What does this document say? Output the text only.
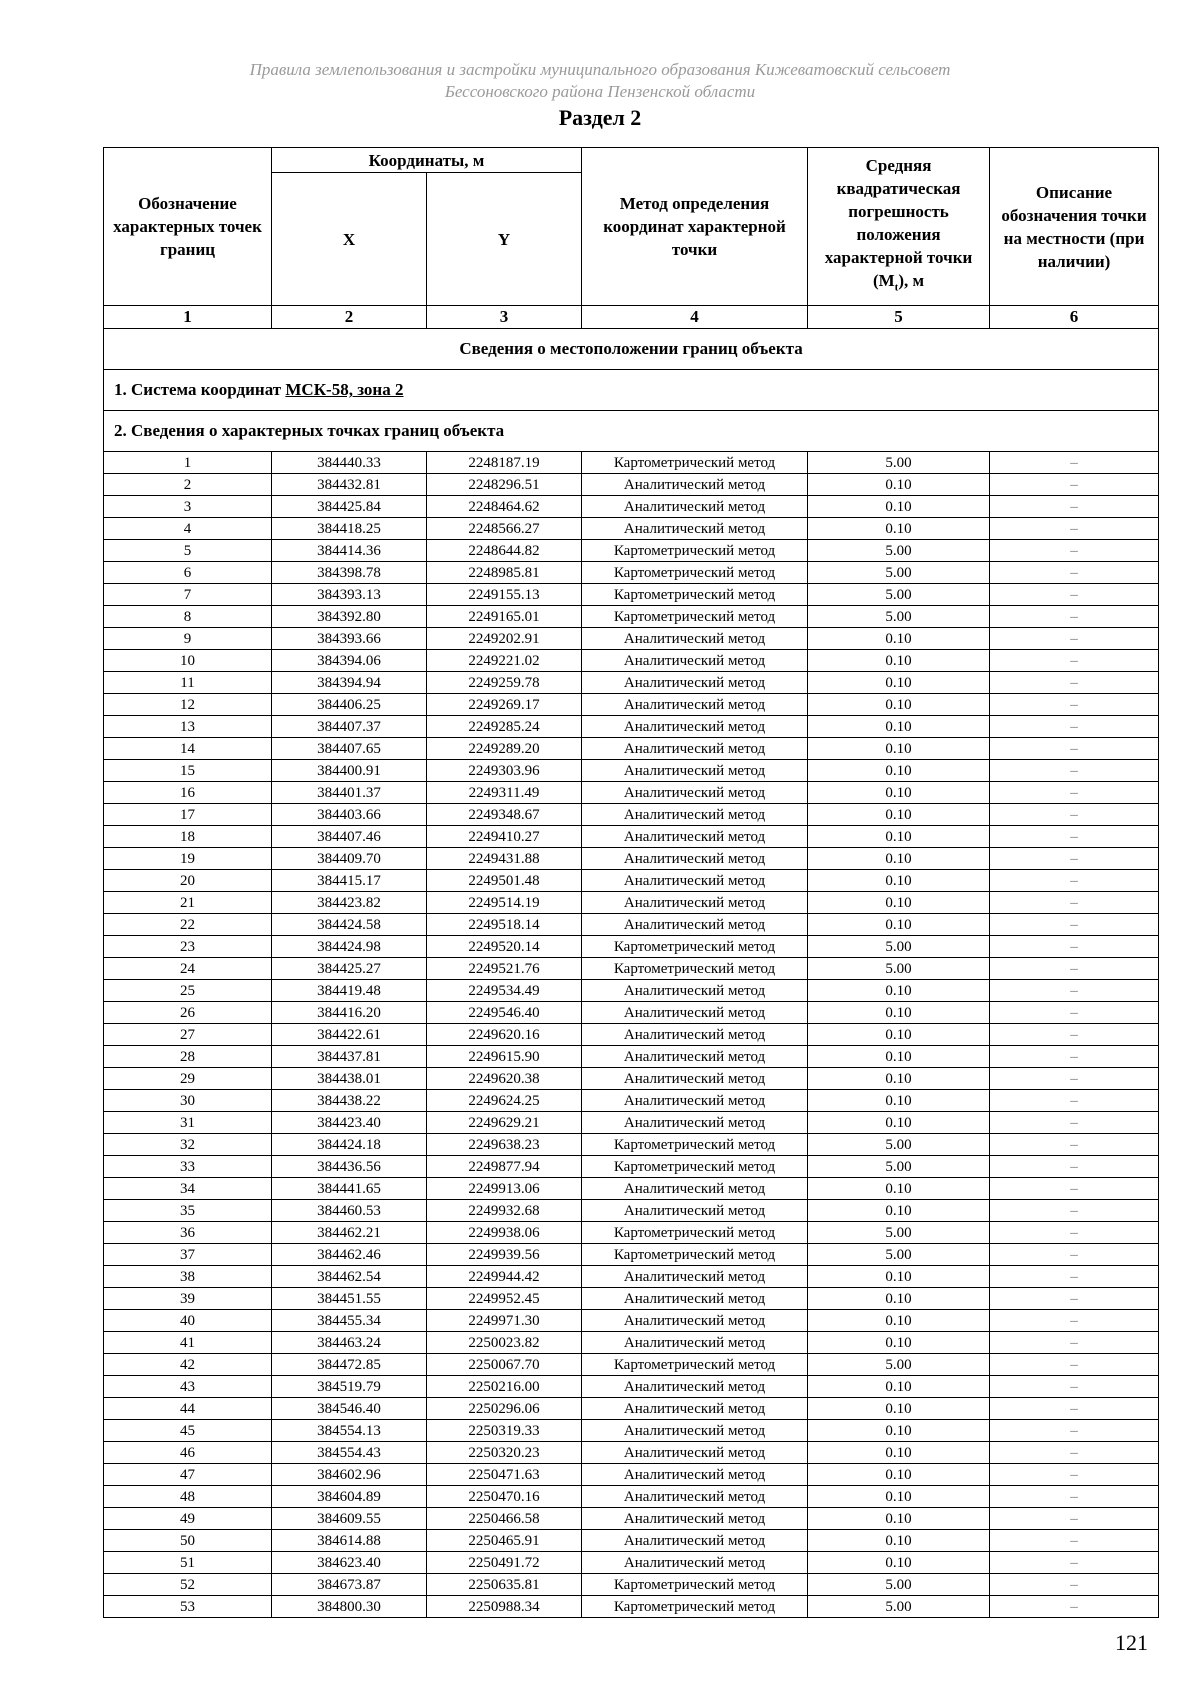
Правила землепользования и застройки муниципального образования Кижеватовский сельсовет
Бессоновского района Пензенской области
Раздел 2
Сведения о местоположении границ объекта					
1. Система координат МСК-58, зона 2					
2. Сведения о характерных точках границ объекта					
Обозначение характерных точек границ	Координаты, м		Метод определения координат характерной точки	Средняя квадратическая погрешность положения характерной точки $(M_t)$, м	Описание обозначения точки на местности (при наличии)
	X	Y			
1	2	3	4	5	6
1	384440.33	2248187.19	Картометрический метод	5.00	–
2	384432.81	2248296.51	Аналитический метод	0.10	–
3	384425.84	2248464.62	Аналитический метод	0.10	–
4	384418.25	2248566.27	Аналитический метод	0.10	–
5	384414.36	2248644.82	Картометрический метод	5.00	–
6	384398.78	2248985.81	Картометрический метод	5.00	–
7	384393.13	2249155.13	Картометрический метод	5.00	–
8	384392.80	2249165.01	Картометрический метод	5.00	–
9	384393.66	2249202.91	Аналитический метод	0.10	–
10	384394.06	2249221.02	Аналитический метод	0.10	–
11	384394.94	2249259.78	Аналитический метод	0.10	–
12	384406.25	2249269.17	Аналитический метод	0.10	–
13	384407.37	2249285.24	Аналитический метод	0.10	–
14	384407.65	2249289.20	Аналитический метод	0.10	–
15	384400.91	2249303.96	Аналитический метод	0.10	–
16	384401.37	2249311.49	Аналитический метод	0.10	–
17	384403.66	2249348.67	Аналитический метод	0.10	–
18	384407.46	2249410.27	Аналитический метод	0.10	–
19	384409.70	2249431.88	Аналитический метод	0.10	–
20	384415.17	2249501.48	Аналитический метод	0.10	–
21	384423.82	2249514.19	Аналитический метод	0.10	–
22	384424.58	2249518.14	Аналитический метод	0.10	–
23	384424.98	2249520.14	Картометрический метод	5.00	–
24	384425.27	2249521.76	Картометрический метод	5.00	–
25	384419.48	2249534.49	Аналитический метод	0.10	–
26	384416.20	2249546.40	Аналитический метод	0.10	–
27	384422.61	2249620.16	Аналитический метод	0.10	–
28	384437.81	2249615.90	Аналитический метод	0.10	–
29	384438.01	2249620.38	Аналитический метод	0.10	–
30	384438.22	2249624.25	Аналитический метод	0.10	–
31	384423.40	2249629.21	Аналитический метод	0.10	–
32	384424.18	2249638.23	Картометрический метод	5.00	–
33	384436.56	2249877.94	Картометрический метод	5.00	–
34	384441.65	2249913.06	Аналитический метод	0.10	–
35	384460.53	2249932.68	Аналитический метод	0.10	–
36	384462.21	2249938.06	Картометрический метод	5.00	–
37	384462.46	2249939.56	Картометрический метод	5.00	–
38	384462.54	2249944.42	Аналитический метод	0.10	–
39	384451.55	2249952.45	Аналитический метод	0.10	–
40	384455.34	2249971.30	Аналитический метод	0.10	–
41	384463.24	2250023.82	Аналитический метод	0.10	–
42	384472.85	2250067.70	Картометрический метод	5.00	–
43	384519.79	2250216.00	Аналитический метод	0.10	–
44	384546.40	2250296.06	Аналитический метод	0.10	–
45	384554.13	2250319.33	Аналитический метод	0.10	–
46	384554.43	2250320.23	Аналитический метод	0.10	–
47	384602.96	2250471.63	Аналитический метод	0.10	–
48	384604.89	2250470.16	Аналитический метод	0.10	–
49	384609.55	2250466.58	Аналитический метод	0.10	–
50	384614.88	2250465.91	Аналитический метод	0.10	–
51	384623.40	2250491.72	Аналитический метод	0.10	–
52	384673.87	2250635.81	Картометрический метод	5.00	–
53	384800.30	2250988.34	Картометрический метод	5.00	–
121
